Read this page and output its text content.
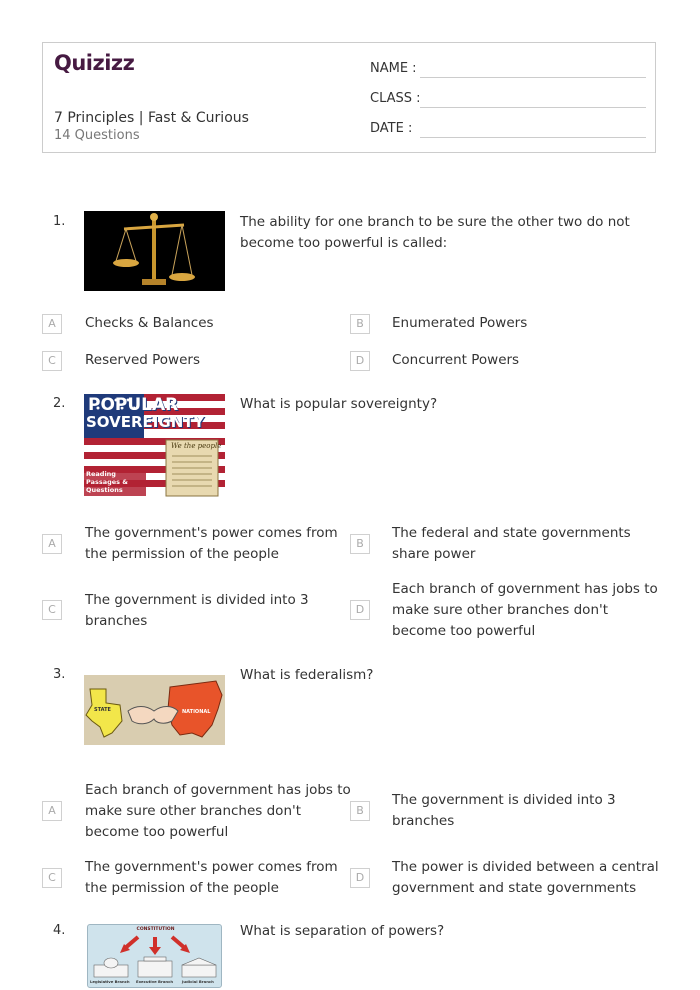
Quizizz
7 Principles | Fast & Curious
14 Questions
NAME :
CLASS :
DATE :
1.	The ability for one branch to be sure the other two do not become too powerful is called:
A	Checks & Balances	B	Enumerated Powers
C	Reserved Powers	D	Concurrent Powers
2. POPULAR
SOVEREIGNTY
We the people
Reading Passages & Questions
What is popular sovereignty?
A
The government's power comes from the permission of the people
B
The federal and state governments share power
C
The government is divided into 3 branches
D
Each branch of government has jobs to make sure other branches don't become too powerful
3.
STATE	NATIONAL
What is federalism?
A
Each branch of government has jobs to make sure other branches don't become too powerful
B
The government is divided into 3 branches
C
The government's power comes from the permission of the people
D
The power is divided between a central government and state governments
4.	CONSTITUTION
Legislative Branch Executive Branch Judicial Branch
What is separation of powers?
